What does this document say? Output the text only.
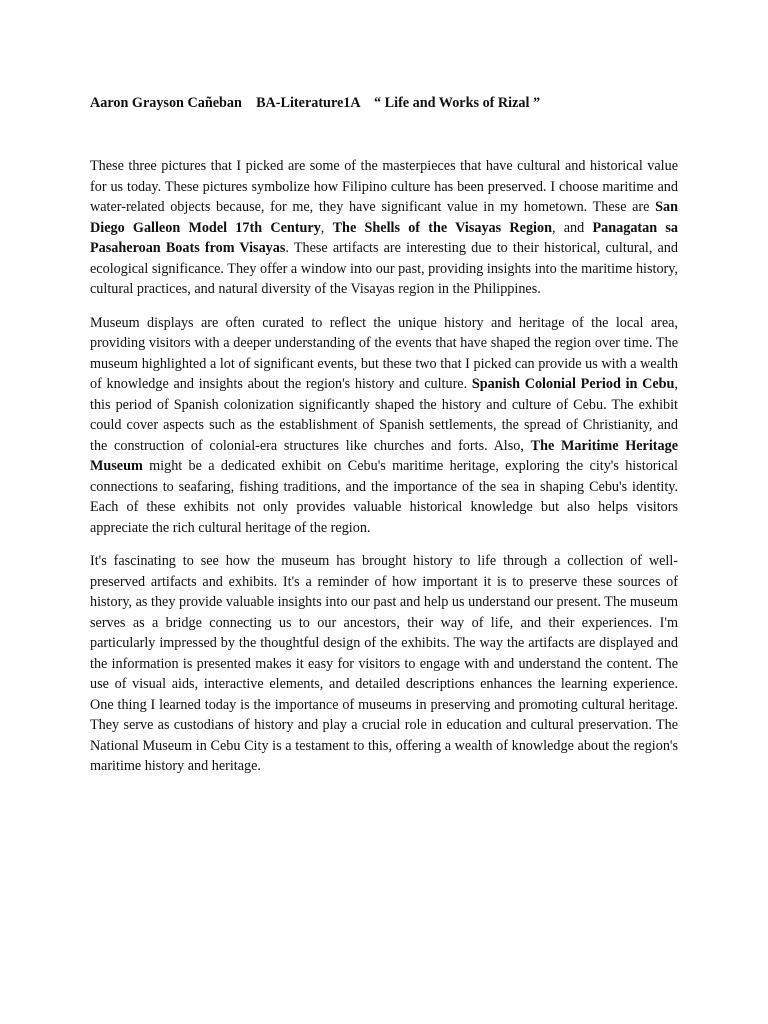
Aaron Grayson Cañeban BA-Literature1A “ Life and Works of Rizal ”

These three pictures that I picked are some of the masterpieces that have cultural and historical value for us today. These pictures symbolize how Filipino culture has been preserved. I choose maritime and water-related objects because, for me, they have significant value in my hometown. These are San Diego Galleon Model 17th Century, The Shells of the Visayas Region, and Panagatan sa Pasaheroan Boats from Visayas. These artifacts are interesting due to their historical, cultural, and ecological significance. They offer a window into our past, providing insights into the maritime history, cultural practices, and natural diversity of the Visayas region in the Philippines.

Museum displays are often curated to reflect the unique history and heritage of the local area, providing visitors with a deeper understanding of the events that have shaped the region over time. The museum highlighted a lot of significant events, but these two that I picked can provide us with a wealth of knowledge and insights about the region's history and culture. Spanish Colonial Period in Cebu, this period of Spanish colonization significantly shaped the history and culture of Cebu. The exhibit could cover aspects such as the establishment of Spanish settlements, the spread of Christianity, and the construction of colonial-era structures like churches and forts. Also, The Maritime Heritage Museum might be a dedicated exhibit on Cebu's maritime heritage, exploring the city's historical connections to seafaring, fishing traditions, and the importance of the sea in shaping Cebu's identity. Each of these exhibits not only provides valuable historical knowledge but also helps visitors appreciate the rich cultural heritage of the region.

It's fascinating to see how the museum has brought history to life through a collection of well-preserved artifacts and exhibits. It's a reminder of how important it is to preserve these sources of history, as they provide valuable insights into our past and help us understand our present. The museum serves as a bridge connecting us to our ancestors, their way of life, and their experiences. I'm particularly impressed by the thoughtful design of the exhibits. The way the artifacts are displayed and the information is presented makes it easy for visitors to engage with and understand the content. The use of visual aids, interactive elements, and detailed descriptions enhances the learning experience. One thing I learned today is the importance of museums in preserving and promoting cultural heritage. They serve as custodians of history and play a crucial role in education and cultural preservation. The National Museum in Cebu City is a testament to this, offering a wealth of knowledge about the region's maritime history and heritage.
